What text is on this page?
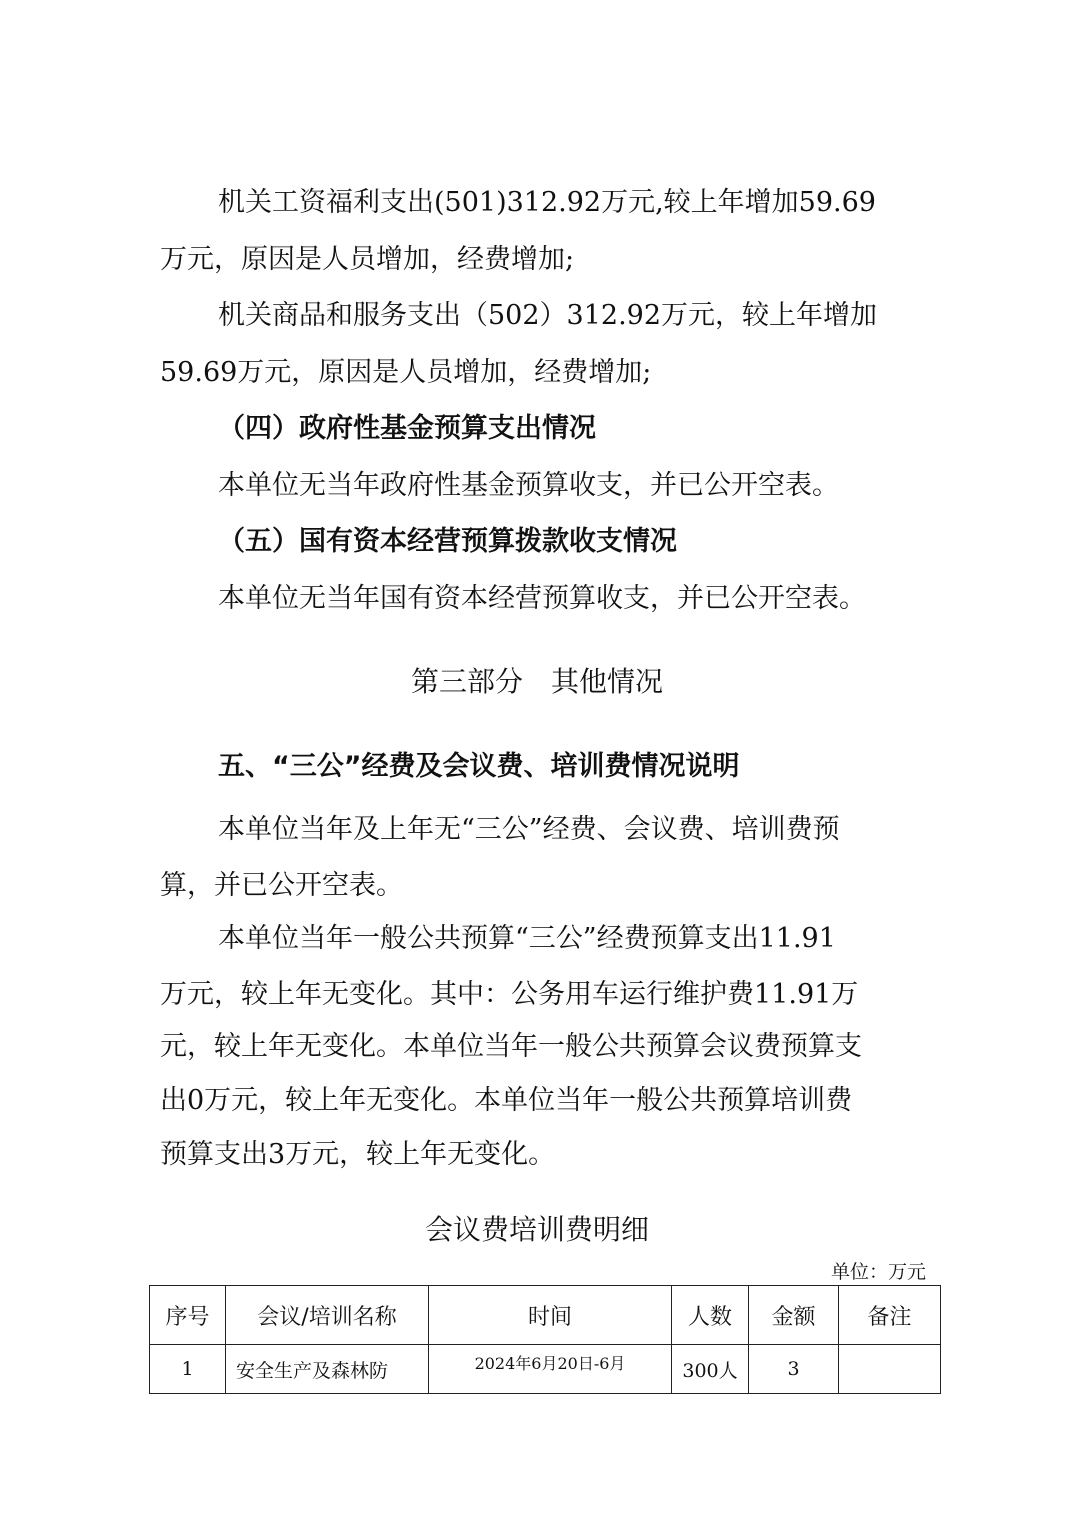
机关工资福利支出(501)312.92万元,较上年增加59.69
万元，原因是人员增加，经费增加;
机关商品和服务支出（502）312.92万元，较上年增加
59.69万元，原因是人员增加，经费增加;
（四）政府性基金预算支出情况
本单位无当年政府性基金预算收支，并已公开空表。
（五）国有资本经营预算拨款收支情况
本单位无当年国有资本经营预算收支，并已公开空表。
第三部分　其他情况
五、“三公”经费及会议费、培训费情况说明
本单位当年及上年无“三公”经费、会议费、培训费预
算，并已公开空表。
本单位当年一般公共预算“三公”经费预算支出11.91
万元，较上年无变化。其中：公务用车运行维护费11.91万
元，较上年无变化。本单位当年一般公共预算会议费预算支
出0万元，较上年无变化。本单位当年一般公共预算培训费
预算支出3万元，较上年无变化。
会议费培训费明细
单位：万元
序号	会议/培训名称	时间	人数	金额	备注
1	安全生产及森林防	2024年6月20日-6月	300人	3	
